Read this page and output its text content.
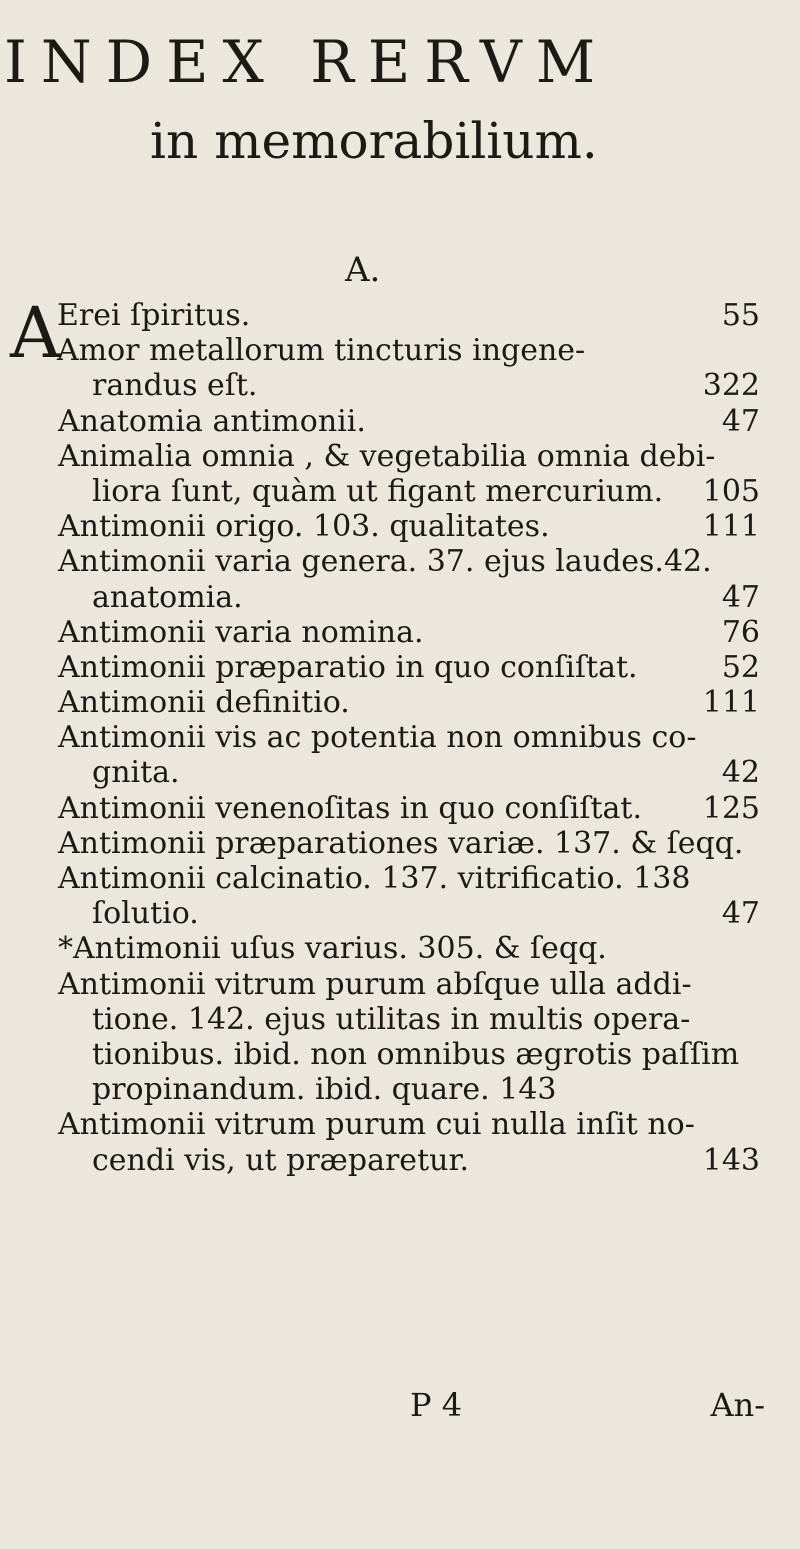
INDEX RERVM
in memorabilium.
A.
A
Erei ſpiritus.	55
Amor metallorum tincturis ingene-
randus eſt.	322
Anatomia antimonii.	47
Animalia omnia , & vegetabilia omnia debi-
liora ſunt, quàm ut figant mercurium.	105
Antimonii origo. 103. qualitates.	111
Antimonii varia genera. 37. ejus laudes.42.
anatomia.	47
Antimonii varia nomina.	76
Antimonii præparatio in quo conſiſtat.	52
Antimonii definitio.	111
Antimonii vis ac potentia non omnibus co-
gnita.	42
Antimonii venenoſitas in quo conſiſtat.	125
Antimonii præparationes variæ. 137. & ſeqq.
Antimonii calcinatio. 137. vitrificatio. 138
ſolutio.	47
*Antimonii uſus varius. 305. & ſeqq.
Antimonii vitrum purum abſque ulla addi-
tione. 142. ejus utilitas in multis opera-
tionibus. ibid. non omnibus ægrotis paſſim
propinandum. ibid. quare. 143
Antimonii vitrum purum cui nulla inſit no-
cendi vis, ut præparetur.	143
P 4	An-
